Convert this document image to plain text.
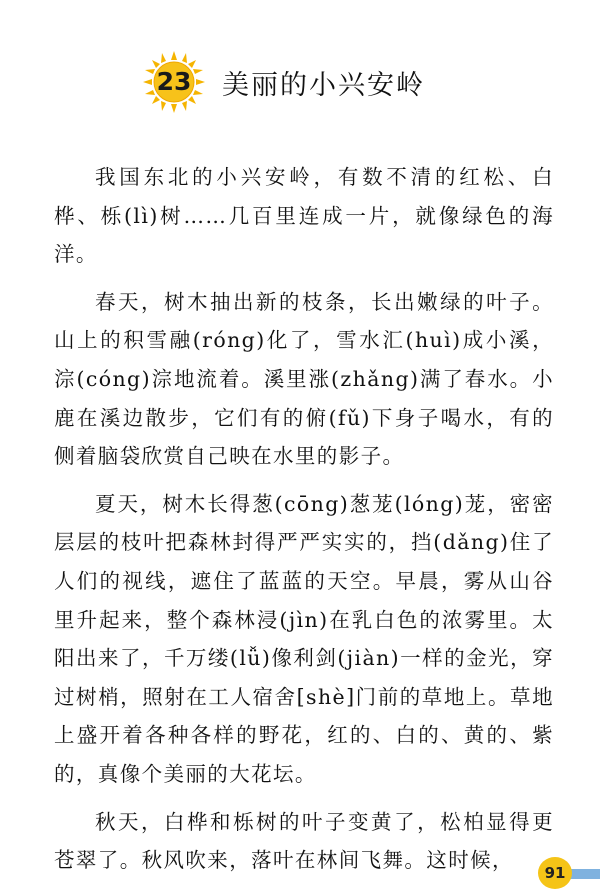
23	美丽的小兴安岭

我国东北的小兴安岭，有数不清的红松、白桦、栎(lì)树……几百里连成一片，就像绿色的海洋。

春天，树木抽出新的枝条，长出嫩绿的叶子。山上的积雪融(róng)化了，雪水汇(huì)成小溪，淙(cóng)淙地流着。溪里涨(zhǎng)满了春水。小鹿在溪边散步，它们有的俯(fǔ)下身子喝水，有的侧着脑袋欣赏自己映在水里的影子。

夏天，树木长得葱(cōng)葱茏(lóng)茏，密密层层的枝叶把森林封得严严实实的，挡(dǎng)住了人们的视线，遮住了蓝蓝的天空。早晨，雾从山谷里升起来，整个森林浸(jìn)在乳白色的浓雾里。太阳出来了，千万缕(lǚ)像利剑(jiàn)一样的金光，穿过树梢，照射在工人宿舍[shè]门前的草地上。草地上盛开着各种各样的野花，红的、白的、黄的、紫的，真像个美丽的大花坛。

秋天，白桦和栎树的叶子变黄了，松柏显得更苍翠了。秋风吹来，落叶在林间飞舞。这时候，

91
